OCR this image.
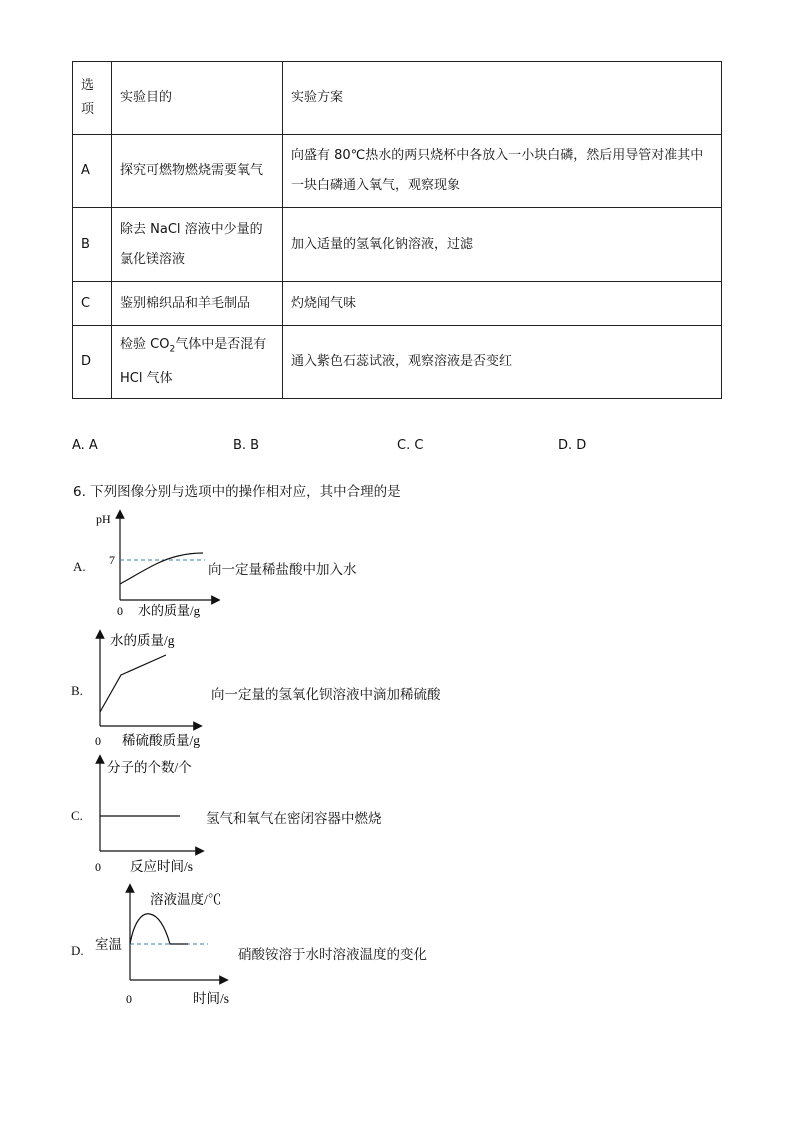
选项	实验目的	实验方案
A	探究可燃物燃烧需要氧气	向盛有 80℃热水的两只烧杯中各放入一小块白磷，然后用导管对准其中一块白磷通入氧气，观察现象
B	除去 NaCl 溶液中少量的氯化镁溶液	加入适量的氢氧化钠溶液，过滤
C	鉴别棉织品和羊毛制品	灼烧闻气味
D	检验 $CO_2$气体中是否混有 HCl 气体	通入紫色石蕊试液，观察溶液是否变红
A. A	B. B	C. C	D. D
6. 下列图像分别与选项中的操作相对应，其中合理的是
A.
pH
7
0 水的质量/g
向一定量稀盐酸中加入水
B.
水的质量/g
0 稀硫酸质量/g
向一定量的氢氧化钡溶液中滴加稀硫酸
C.
分子的个数/个
0 反应时间/s
氢气和氧气在密闭容器中燃烧
D.
溶液温度/℃
室温
0	时间/s
硝酸铵溶于水时溶液温度的变化
